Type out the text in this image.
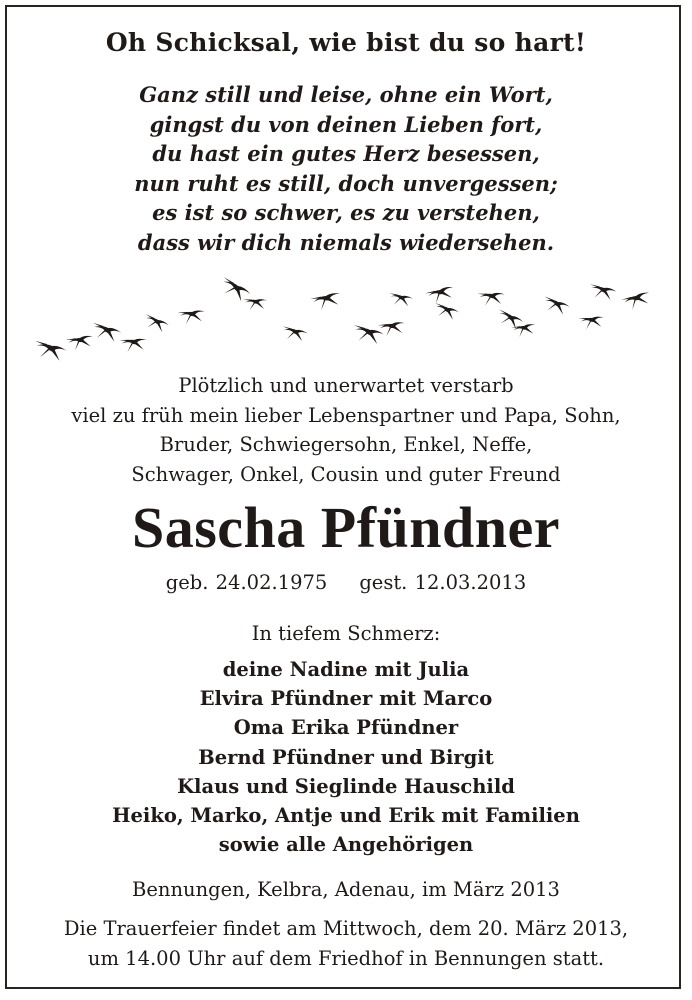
Oh Schicksal, wie bist du so hart!
Ganz still und leise, ohne ein Wort,
gingst du von deinen Lieben fort,
du hast ein gutes Herz besessen,
nun ruht es still, doch unvergessen;
es ist so schwer, es zu verstehen,
dass wir dich niemals wiedersehen.
Plötzlich und unerwartet verstarb
viel zu früh mein lieber Lebenspartner und Papa, Sohn,
Bruder, Schwiegersohn, Enkel, Neffe,
Schwager, Onkel, Cousin und guter Freund
Sascha Pfündner
geb. 24.02.1975 gest. 12.03.2013
In tiefem Schmerz:
deine Nadine mit Julia
Elvira Pfündner mit Marco
Oma Erika Pfündner
Bernd Pfündner und Birgit
Klaus und Sieglinde Hauschild
Heiko, Marko, Antje und Erik mit Familien
sowie alle Angehörigen
Bennungen, Kelbra, Adenau, im März 2013
Die Trauerfeier findet am Mittwoch, dem 20. März 2013,
um 14.00 Uhr auf dem Friedhof in Bennungen statt.
